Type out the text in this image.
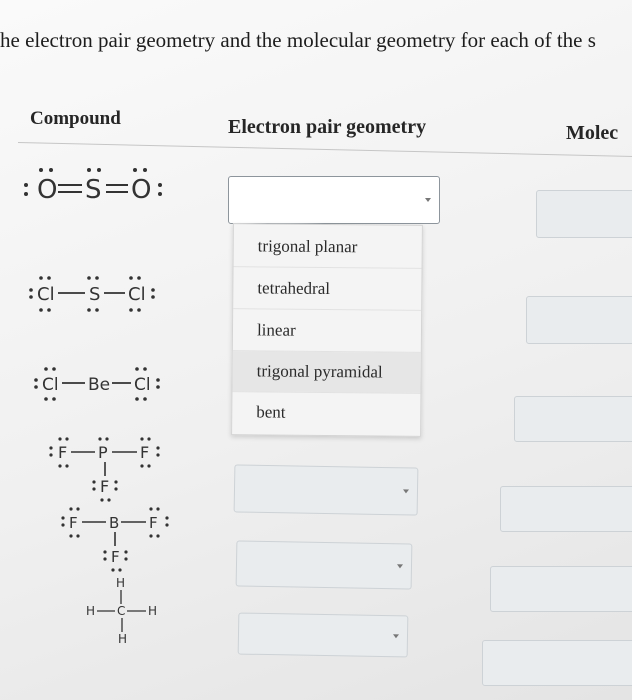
he electron pair geometry and the molecular geometry for each of the s
Compound	Electron pair geometry	Molec
O S O
Cl S Cl
Cl Be Cl
F P F
F
F B F
F
H
H C H
H
trigonal planar
tetrahedral
linear
trigonal pyramidal
bent
